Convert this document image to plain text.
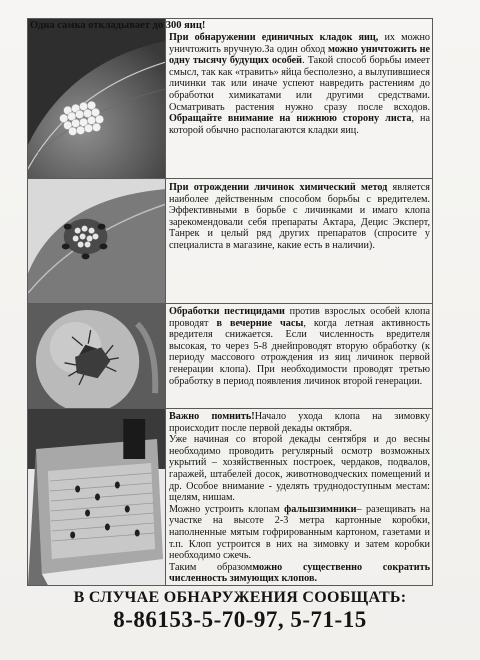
Одна самка откладывает до 300 яиц!

При обнаружении единичных кладок яиц, их можно уничтожить вручную.За один обход можно уничтожить не одну тысячу будущих особей. Такой способ борьбы имеет смысл, так как «травить» яйца бесполезно, а вылупившиеся личинки так или иначе успеют навредить растениям до обработки химикатами или другими средствами. Осматривать растения нужно сразу после всходов. Обращайте внимание на нижнюю сторону листа, на которой обычно располагаются кладки яиц.

При отрождении личинок химический метод является наиболее действенным способом борьбы с вредителем. Эффективными в борьбе с личинками и имаго клопа зарекомендовали себя препараты Актара, Децис Эксперт, Танрек и целый ряд других препаратов (спросите у специалиста в магазине, какие есть в наличии).

Обработки пестицидами против взрослых особей клопа проводят в вечерние часы, когда летная активность вредителя снижается. Если численность вредителя высокая, то через 5-8 днейпроводят вторую обработку (к периоду массового отрождения из яиц личинок первой генерации клопа). При необходимости проводят третью обработку в период появления личинок второй генерации.

Важно помнить!Начало ухода клопа на зимовку происходит после первой декады октября.
Уже начиная со второй декады сентября и до весны необходимо проводить регулярный осмотр возможных укрытий – хозяйственных построек, чердаков, подвалов, гаражей, штабелей досок, животноводческих помещений и др. Особое внимание - уделять труднодоступным местам: щелям, нишам.
Можно устроить клопам фальшзимники– разещивать на участке на высоте 2-3 метра картонные коробки, наполненные мятым гофрированным картоном, газетами и т.п. Клоп устроится в них на зимовку и затем коробки необходимо сжечь.
Таким образомможно существенно сократить численность зимующих клопов.

В СЛУЧАЕ ОБНАРУЖЕНИЯ СООБЩАТЬ:
8-86153-5-70-97, 5-71-15
